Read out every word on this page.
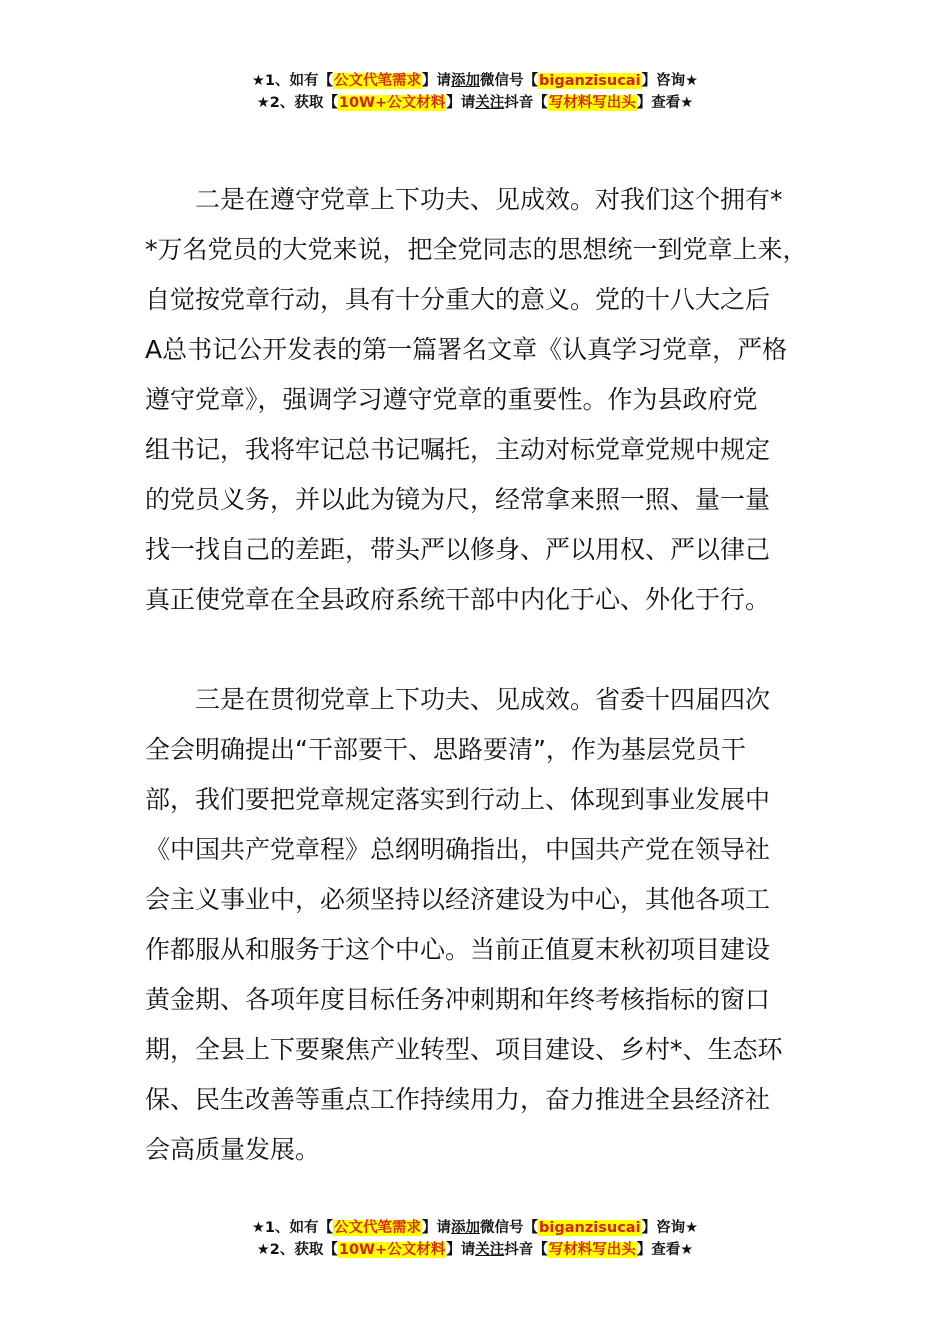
★1、如有【公文代笔需求】请添加微信号【biganzisucai】咨询★
★2、获取【10W+公文材料】请关注抖音【写材料写出头】查看★
二是在遵守党章上下功夫、见成效。对我们这个拥有*
*万名党员的大党来说，把全党同志的思想统一到党章上来，
自觉按党章行动，具有十分重大的意义。党的十八大之后
A总书记公开发表的第一篇署名文章《认真学习党章，严格
遵守党章》，强调学习遵守党章的重要性。作为县政府党
组书记，我将牢记总书记嘱托，主动对标党章党规中规定
的党员义务，并以此为镜为尺，经常拿来照一照、量一量
找一找自己的差距，带头严以修身、严以用权、严以律己
真正使党章在全县政府系统干部中内化于心、外化于行。
三是在贯彻党章上下功夫、见成效。省委十四届四次
全会明确提出“干部要干、思路要清”，作为基层党员干
部，我们要把党章规定落实到行动上、体现到事业发展中
《中国共产党章程》总纲明确指出，中国共产党在领导社
会主义事业中，必须坚持以经济建设为中心，其他各项工
作都服从和服务于这个中心。当前正值夏末秋初项目建设
黄金期、各项年度目标任务冲刺期和年终考核指标的窗口
期，全县上下要聚焦产业转型、项目建设、乡村*、生态环
保、民生改善等重点工作持续用力，奋力推进全县经济社
会高质量发展。
★1、如有【公文代笔需求】请添加微信号【biganzisucai】咨询★
★2、获取【10W+公文材料】请关注抖音【写材料写出头】查看★
